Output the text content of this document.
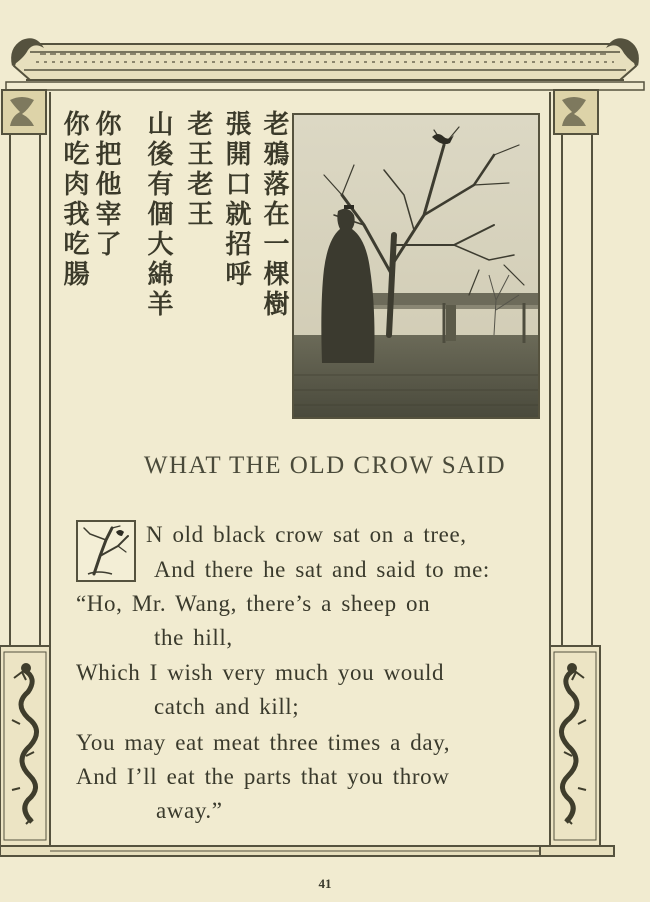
老鴉落在一棵樹
張開口就招呼
老王老王
山後有個大綿羊
你把他宰了
你吃肉我吃腸
WHAT THE OLD CROW SAID
N old black crow sat on a tree,
And there he sat and said to me:
“Ho, Mr. Wang, there’s a sheep on
the hill,
Which I wish very much you would
catch and kill;
You may eat meat three times a day,
And I’ll eat the parts that you throw
away.”
41
